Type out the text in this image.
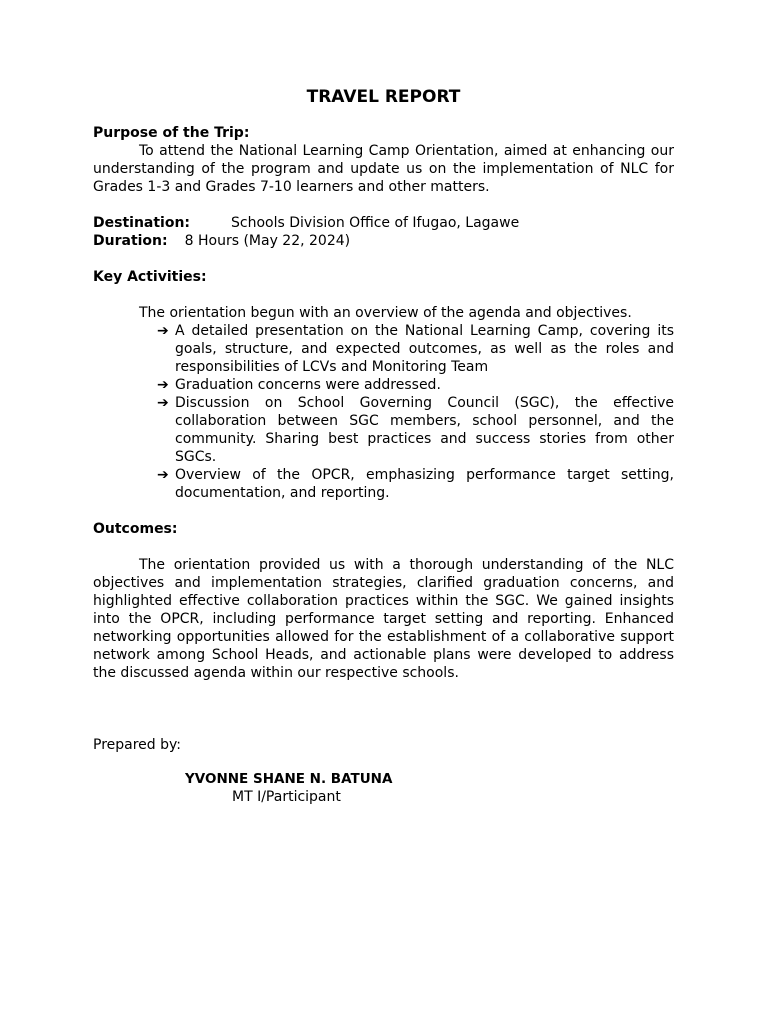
TRAVEL REPORT
Purpose of the Trip:

To attend the National Learning Camp Orientation, aimed at enhancing our understanding of the program and update us on the implementation of NLC for Grades 1-3 and Grades 7-10 learners and other matters.

Destination:	Schools Division Office of Ifugao, Lagawe
Duration: 8 Hours (May 22, 2024)
Key Activities:

The orientation begun with an overview of the agenda and objectives.

➔ A detailed presentation on the National Learning Camp, covering its goals, structure, and expected outcomes, as well as the roles and responsibilities of LCVs and Monitoring Team
➔ Graduation concerns were addressed.
➔ Discussion on School Governing Council (SGC), the effective collaboration between SGC members, school personnel, and the community. Sharing best practices and success stories from other SGCs.
➔ Overview of the OPCR, emphasizing performance target setting, documentation, and reporting.
Outcomes:

The orientation provided us with a thorough understanding of the NLC objectives and implementation strategies, clarified graduation concerns, and highlighted effective collaboration practices within the SGC. We gained insights into the OPCR, including performance target setting and reporting. Enhanced networking opportunities allowed for the establishment of a collaborative support network among School Heads, and actionable plans were developed to address the discussed agenda within our respective schools.

Prepared by:

YVONNE SHANE N. BATUNA
MT I/Participant
